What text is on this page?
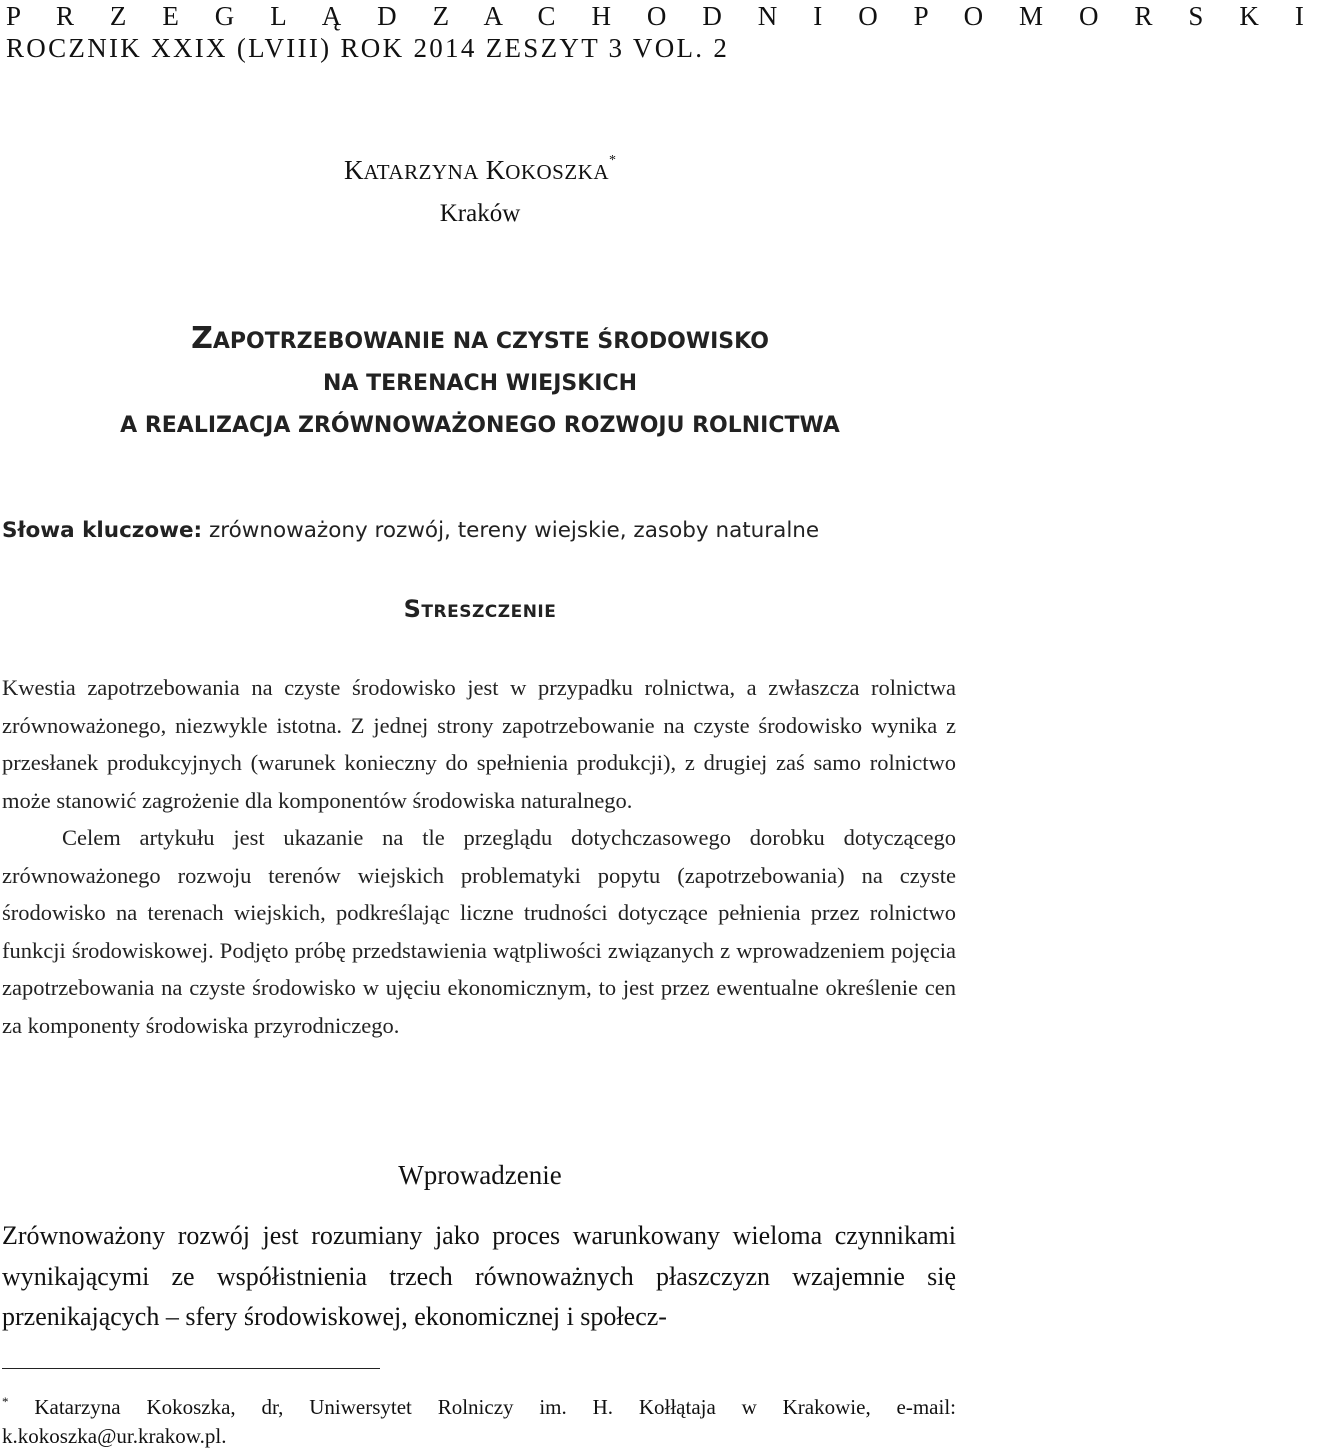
P R Z E G L Ą D Z A C H O D N I O P O M O R S K I
ROCZNIK XXIX (LVIII) ROK 2014 ZESZYT 3 VOL. 2
KATARZYNA KOKOSZKA*
Kraków
ZAPOTRZEBOWANIE NA CZYSTE ŚRODOWISKO
NA TERENACH WIEJSKICH
A REALIZACJA ZRÓWNOWAŻONEGO ROZWOJU ROLNICTWA
Słowa kluczowe: zrównoważony rozwój, tereny wiejskie, zasoby naturalne
STRESZCZENIE

Kwestia zapotrzebowania na czyste środowisko jest w przypadku rolnictwa, a zwłaszcza rolnictwa zrównoważonego, niezwykle istotna. Z jednej strony zapotrzebowanie na czyste środowisko wynika z przesłanek produkcyjnych (warunek konieczny do spełnienia produkcji), z drugiej zaś samo rolnictwo może stanowić zagrożenie dla komponentów środowiska naturalnego.

Celem artykułu jest ukazanie na tle przeglądu dotychczasowego dorobku dotyczącego zrównoważonego rozwoju terenów wiejskich problematyki popytu (zapotrzebowania) na czyste środowisko na terenach wiejskich, podkreślając liczne trudności dotyczące pełnienia przez rolnictwo funkcji środowiskowej. Podjęto próbę przedstawienia wątpliwości związanych z wprowadzeniem pojęcia zapotrzebowania na czyste środowisko w ujęciu ekonomicznym, to jest przez ewentualne określenie cen za komponenty środowiska przyrodniczego.

Wprowadzenie

Zrównoważony rozwój jest rozumiany jako proces warunkowany wieloma czynnikami wynikającymi ze współistnienia trzech równoważnych płaszczyzn wzajemnie się przenikających – sfery środowiskowej, ekonomicznej i społecz-

* Katarzyna Kokoszka, dr, Uniwersytet Rolniczy im. H. Kołłątaja w Krakowie, e-mail: k.kokoszka@ur.krakow.pl.
